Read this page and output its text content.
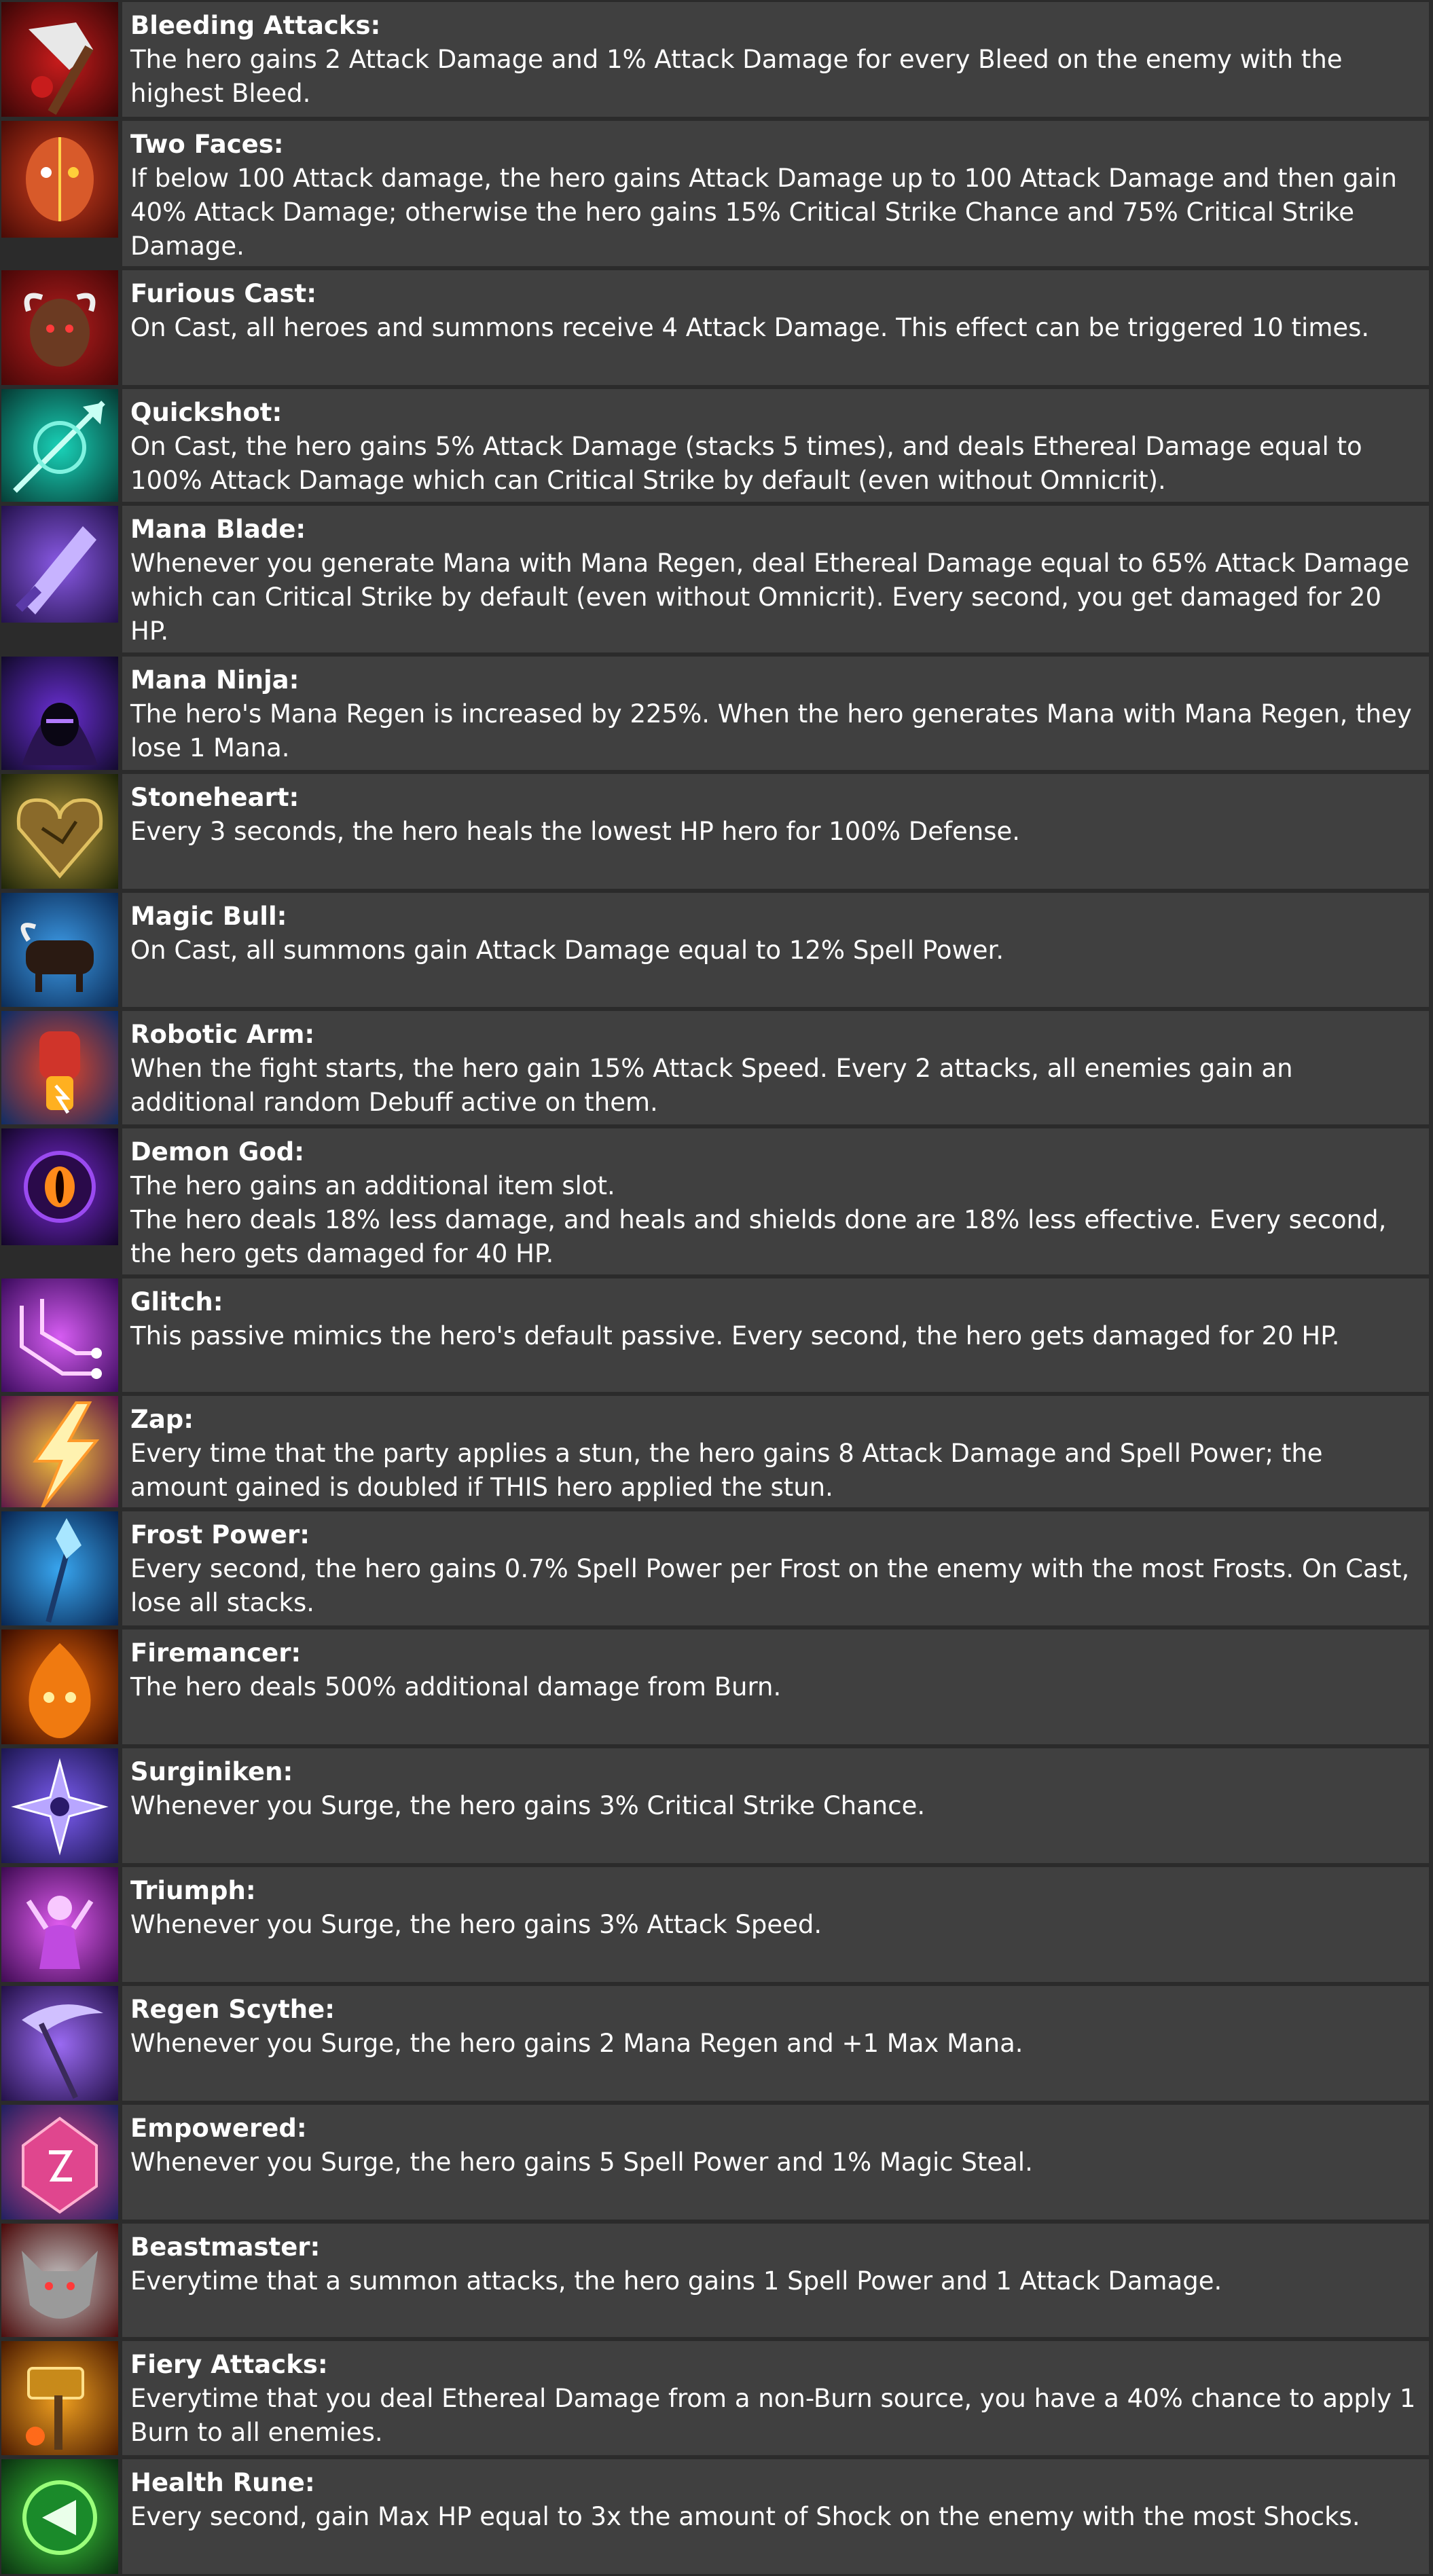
Bleeding Attacks:
The hero gains 2 Attack Damage and 1% Attack Damage for every Bleed on the enemy with the highest Bleed.
Two Faces:
If below 100 Attack damage, the hero gains Attack Damage up to 100 Attack Damage and then gain 40% Attack Damage; otherwise the hero gains 15% Critical Strike Chance and 75% Critical Strike Damage.
Furious Cast:
On Cast, all heroes and summons receive 4 Attack Damage. This effect can be triggered 10 times.
Quickshot:
On Cast, the hero gains 5% Attack Damage (stacks 5 times), and deals Ethereal Damage equal to 100% Attack Damage which can Critical Strike by default (even without Omnicrit).
Mana Blade:
Whenever you generate Mana with Mana Regen, deal Ethereal Damage equal to 65% Attack Damage which can Critical Strike by default (even without Omnicrit). Every second, you get damaged for 20 HP.
Mana Ninja:
The hero's Mana Regen is increased by 225%. When the hero generates Mana with Mana Regen, they lose 1 Mana.
Stoneheart:
Every 3 seconds, the hero heals the lowest HP hero for 100% Defense.
Magic Bull:
On Cast, all summons gain Attack Damage equal to 12% Spell Power.
Robotic Arm:
When the fight starts, the hero gain 15% Attack Speed. Every 2 attacks, all enemies gain an additional random Debuff active on them.
Demon God:
The hero gains an additional item slot.
The hero deals 18% less damage, and heals and shields done are 18% less effective. Every second, the hero gets damaged for 40 HP.
Glitch:
This passive mimics the hero's default passive. Every second, the hero gets damaged for 20 HP.
Zap:
Every time that the party applies a stun, the hero gains 8 Attack Damage and Spell Power; the amount gained is doubled if THIS hero applied the stun.
Frost Power:
Every second, the hero gains 0.7% Spell Power per Frost on the enemy with the most Frosts. On Cast, lose all stacks.
Firemancer:
The hero deals 500% additional damage from Burn.
Surginiken:
Whenever you Surge, the hero gains 3% Critical Strike Chance.
Triumph:
Whenever you Surge, the hero gains 3% Attack Speed.
Regen Scythe:
Whenever you Surge, the hero gains 2 Mana Regen and +1 Max Mana.
Empowered:
Whenever you Surge, the hero gains 5 Spell Power and 1% Magic Steal.
Beastmaster:
Everytime that a summon attacks, the hero gains 1 Spell Power and 1 Attack Damage.
Fiery Attacks:
Everytime that you deal Ethereal Damage from a non-Burn source, you have a 40% chance to apply 1 Burn to all enemies.
Health Rune:
Every second, gain Max HP equal to 3x the amount of Shock on the enemy with the most Shocks.
